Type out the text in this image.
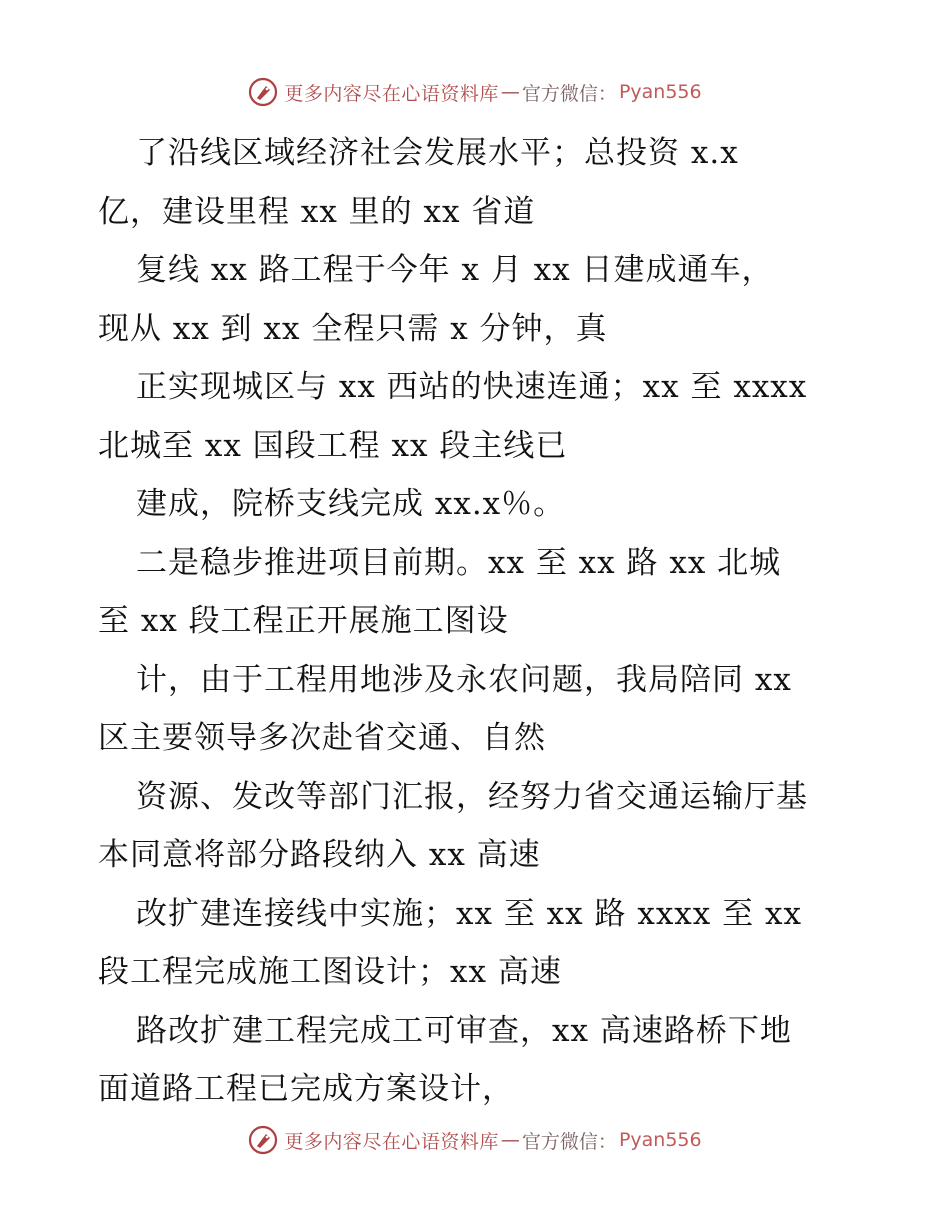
更多内容尽在心语资料库 — 官方微信： Pyan556
了沿线区域经济社会发展水平；总投资 x.x
亿，建设里程 xx 里的 xx 省道
复线 xx 路工程于今年 x 月 xx 日建成通车，
现从 xx 到 xx 全程只需 x 分钟，真
正实现城区与 xx 西站的快速连通；xx 至 xxxx
北城至 xx 国段工程 xx 段主线已
建成，院桥支线完成 xx.x％。
二是稳步推进项目前期。xx 至 xx 路 xx 北城
至 xx 段工程正开展施工图设
计，由于工程用地涉及永农问题，我局陪同 xx
区主要领导多次赴省交通、自然
资源、发改等部门汇报，经努力省交通运输厅基
本同意将部分路段纳入 xx 高速
改扩建连接线中实施；xx 至 xx 路 xxxx 至 xx
段工程完成施工图设计；xx 高速
路改扩建工程完成工可审查，xx 高速路桥下地
面道路工程已完成方案设计，
更多内容尽在心语资料库 — 官方微信： Pyan556
